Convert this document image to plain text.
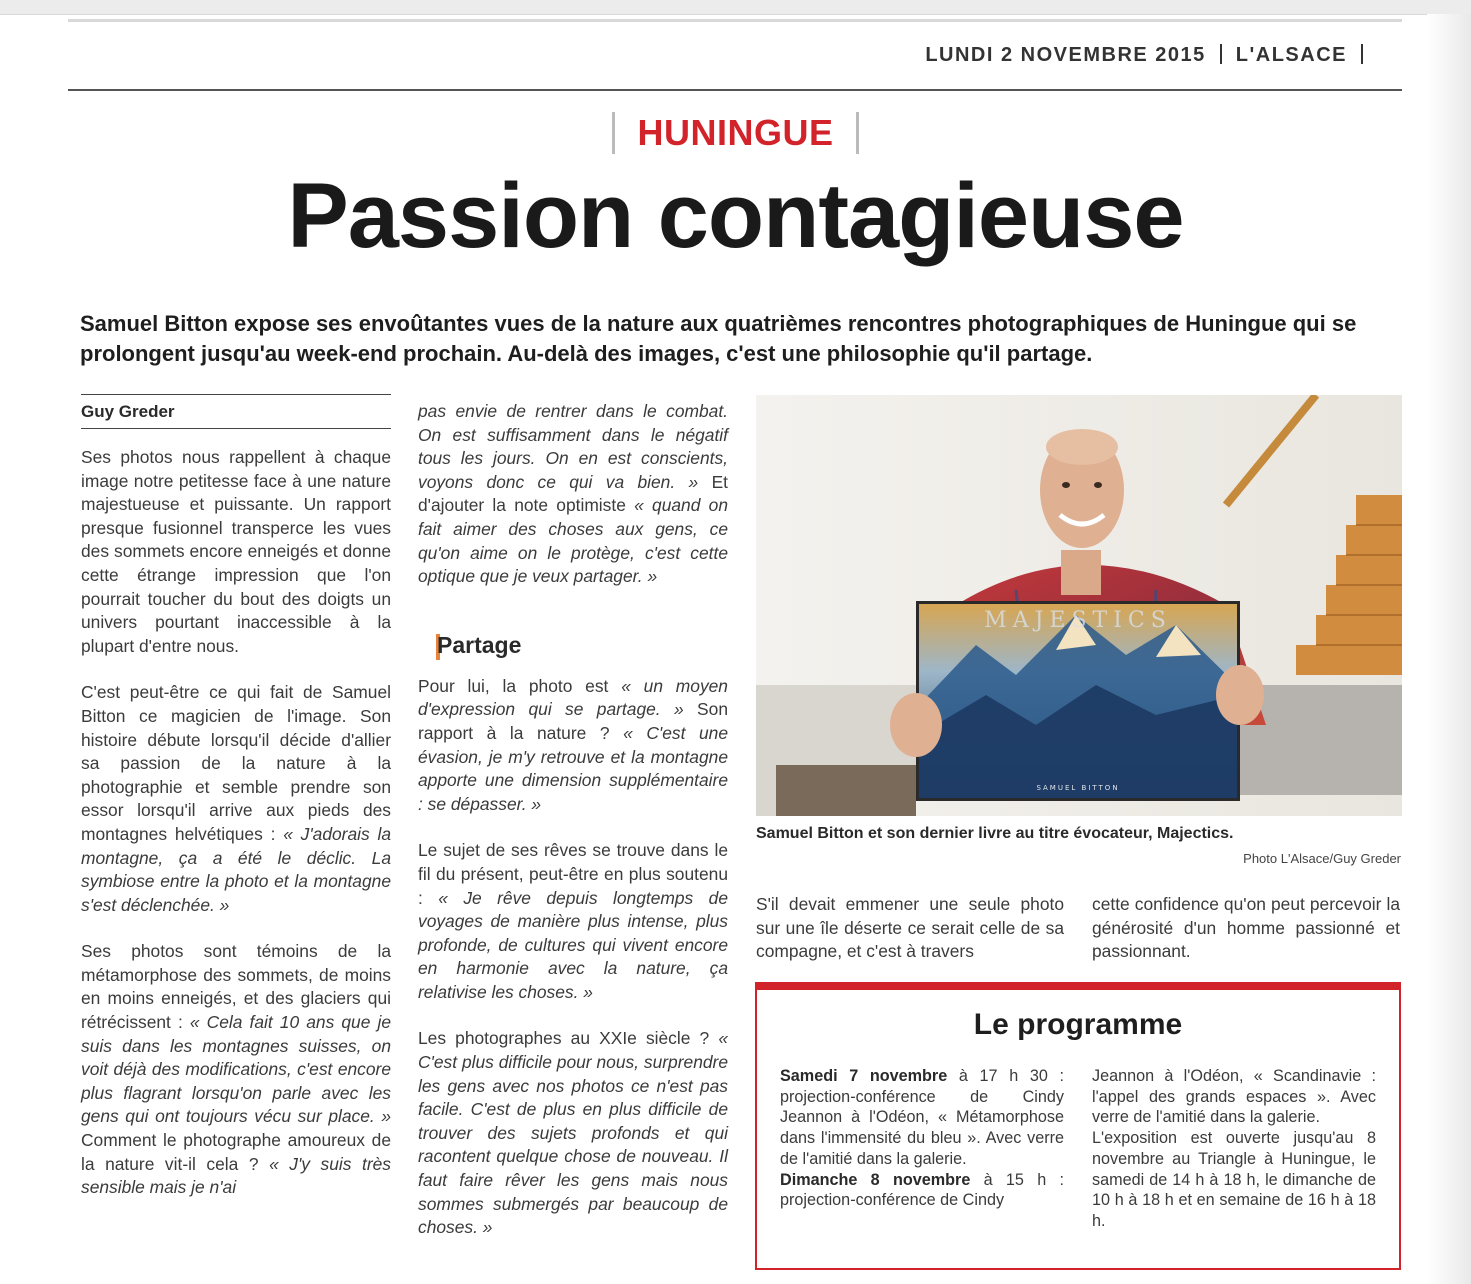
LUNDI 2 NOVEMBRE 2015 L'ALSACE
HUNINGUE
Passion contagieuse
Samuel Bitton expose ses envoûtantes vues de la nature aux quatrièmes rencontres photographiques de Huningue qui se prolongent jusqu'au week-end prochain. Au-delà des images, c'est une philosophie qu'il partage.
Guy Greder

Ses photos nous rappellent à chaque image notre petitesse face à une nature majestueuse et puissante. Un rapport presque fusionnel transperce les vues des sommets encore enneigés et donne cette étrange impression que l'on pourrait toucher du bout des doigts un univers pourtant inaccessible à la plupart d'entre nous.

C'est peut-être ce qui fait de Samuel Bitton ce magicien de l'image. Son histoire débute lorsqu'il décide d'allier sa passion de la nature à la photographie et semble prendre son essor lorsqu'il arrive aux pieds des montagnes helvétiques : « J'adorais la montagne, ça a été le déclic. La symbiose entre la photo et la montagne s'est déclenchée. »

Ses photos sont témoins de la métamorphose des sommets, de moins en moins enneigés, et des glaciers qui rétrécissent : « Cela fait 10 ans que je suis dans les montagnes suisses, on voit déjà des modifications, c'est encore plus flagrant lorsqu'on parle avec les gens qui ont toujours vécu sur place. » Comment le photographe amoureux de la nature vit-il cela ? « J'y suis très sensible mais je n'ai

pas envie de rentrer dans le combat. On est suffisamment dans le négatif tous les jours. On en est conscients, voyons donc ce qui va bien. » Et d'ajouter la note optimiste « quand on fait aimer des choses aux gens, ce qu'on aime on le protège, c'est cette optique que je veux partager. »

Pour lui, la photo est « un moyen d'expression qui se partage. » Son rapport à la nature ? « C'est une évasion, je m'y retrouve et la montagne apporte une dimension supplémentaire : se dépasser. »

Le sujet de ses rêves se trouve dans le fil du présent, peut-être en plus soutenu : « Je rêve depuis longtemps de voyages de manière plus intense, plus profonde, de cultures qui vivent encore en harmonie avec la nature, ça relativise les choses. »

Les photographes au XXIe siècle ? « C'est plus difficile pour nous, surprendre les gens avec nos photos ce n'est pas facile. C'est de plus en plus difficile de trouver des sujets profonds et qui racontent quelque chose de nouveau. Il faut faire rêver les gens mais nous sommes submergés par beaucoup de choses. »

Partage
MAJESTICS
SAMUEL BITTON
Samuel Bitton et son dernier livre au titre évocateur, Majectics.
Photo L'Alsace/Guy Greder
S'il devait emmener une seule photo sur une île déserte ce serait celle de sa compagne, et c'est à travers
cette confidence qu'on peut percevoir la générosité d'un homme passionné et passionnant.
Le programme
Samedi 7 novembre à 17 h 30 : projection-conférence de Cindy Jeannon à l'Odéon, « Métamorphose dans l'immensité du bleu ». Avec verre de l'amitié dans la galerie.
Dimanche 8 novembre à 15 h : projection-conférence de Cindy
Jeannon à l'Odéon, « Scandinavie : l'appel des grands espaces ». Avec verre de l'amitié dans la galerie.
L'exposition est ouverte jusqu'au 8 novembre au Triangle à Huningue, le samedi de 14 h à 18 h, le dimanche de 10 h à 18 h et en semaine de 16 h à 18 h.
